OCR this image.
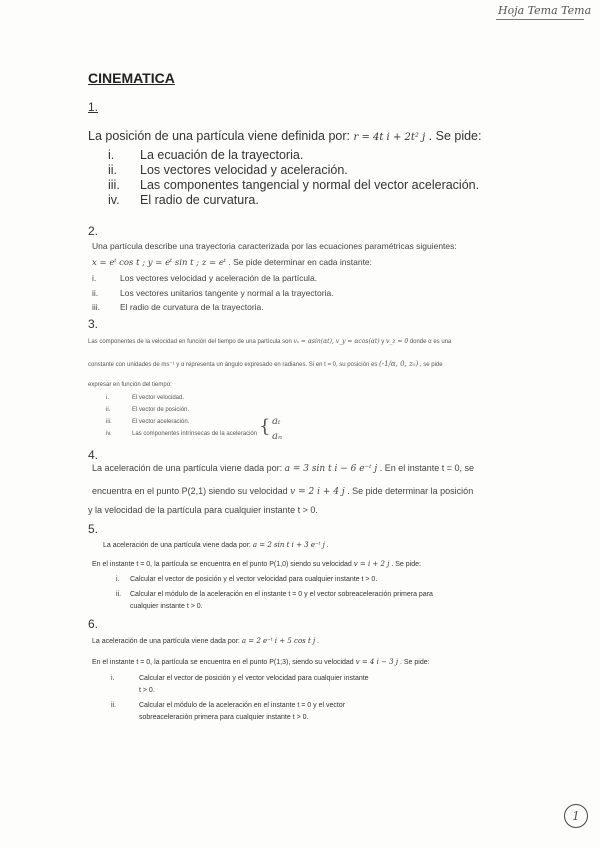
Hoja Tema Tema
CINEMATICA
1.
La posición de una partícula viene definida por: r = 4t i + 2t² j . Se pide:
i. La ecuación de la trayectoria.
ii. Los vectores velocidad y aceleración.
iii. Las componentes tangencial y normal del vector aceleración.
iv. El radio de curvatura.
2.
Una partícula describe una trayectoria caracterizada por las ecuaciones paramétricas siguientes:
x = eᵗ cos t ; y = eᵗ sin t ; z = eᵗ . Se pide determinar en cada instante:
i.	Los vectores velocidad y aceleración de la partícula.
ii.	Los vectores unitarios tangente y normal a la trayectoria.
iii. El radio de curvatura de la trayectoria.
3.
Las componentes de la velocidad en función del tiempo de una partícula son vₓ = αsin(αt), v_y = αcos(αt) y v_z = 0 donde α es una
constante con unidades de ms⁻¹ y α representa un ángulo expresado en radianes. Si en t = 0, su posición es (-1/α, 0, z₀) , se pide
expresar en función del tiempo:
i.	El vector velocidad.
ii.	El vector de posición.
iii.	El vector aceleración.
iv.	Las componentes intrínsecas de la aceleración { aₜ
aₙ
4.
La aceleración de una partícula viene dada por: a = 3 sin t i − 6 e⁻ᵗ j . En el instante t = 0, se
encuentra en el punto P(2,1) siendo su velocidad v = 2 i + 4 j . Se pide determinar la posición
y la velocidad de la partícula para cualquier instante t > 0.
5.
La aceleración de una partícula viene dada por: a = 2 sin t i + 3 e⁻ᵗ j .
En el instante t = 0, la partícula se encuentra en el punto P(1,0) siendo su velocidad v = i + 2 j . Se pide:
i. Calcular el vector de posición y el vector velocidad para cualquier instante t > 0.
ii. Calcular el módulo de la aceleración en el instante t = 0 y el vector sobreaceleración primera para
cualquier instante t > 0.
6.
La aceleración de una partícula viene dada por: a = 2 e⁻ᵗ i + 5 cos t j .
En el instante t = 0, la partícula se encuentra en el punto P(1;3), siendo su velocidad v = 4 i − 3 j . Se pide:
i.	Calcular el vector de posición y el vector velocidad para cualquier instante
t > 0.
ii.	Calcular el módulo de la aceleración en el instante t = 0 y el vector
sobreaceleración primera para cualquier instante t > 0.
1
